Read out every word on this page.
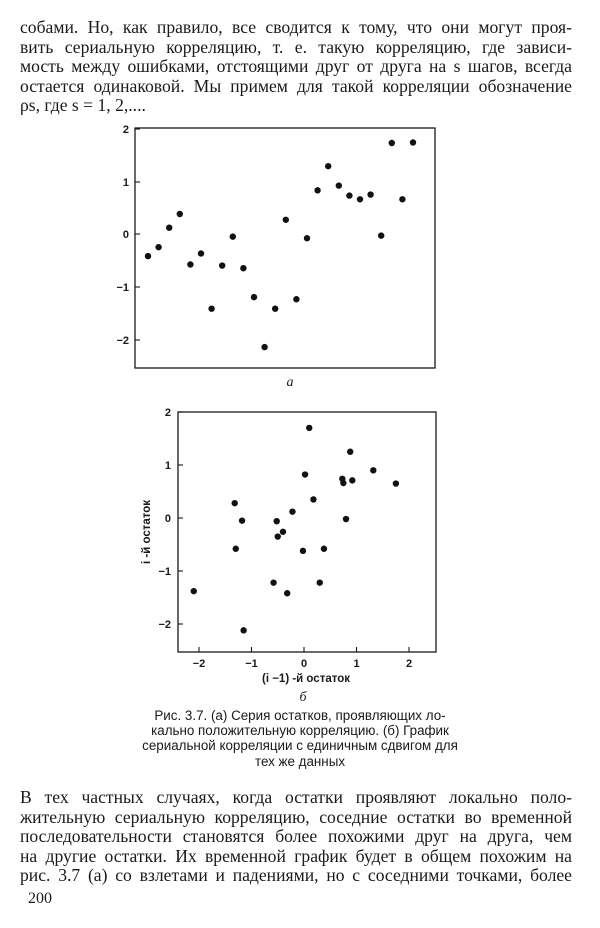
собами. Но, как правило, все сводится к тому, что они могут проя-
вить сериальную корреляцию, т. е. такую корреляцию, где зависи-
мость между ошибками, отстоящими друг от друга на s шагов, всегда
остается одинаковой. Мы примем для такой корреляции обозначение
ρs, где s = 1, 2,....
2
1
0
−1
−2
а
2
1
0
−1
−2
−2	−1	0	1	2
(i −1) -й остаток
i -й остаток
б
Рис. 3.7. (а) Серия остатков, проявляющих ло-
кально положительную корреляцию. (б) График
сериальной корреляции с единичным сдвигом для
тех же данных
В тех частных случаях, когда остатки проявляют локально поло-
жительную сериальную корреляцию, соседние остатки во временной
последовательности становятся более похожими друг на друга, чем
на другие остатки. Их временной график будет в общем похожим на
рис. 3.7 (а) со взлетами и падениями, но с соседними точками, более
200
